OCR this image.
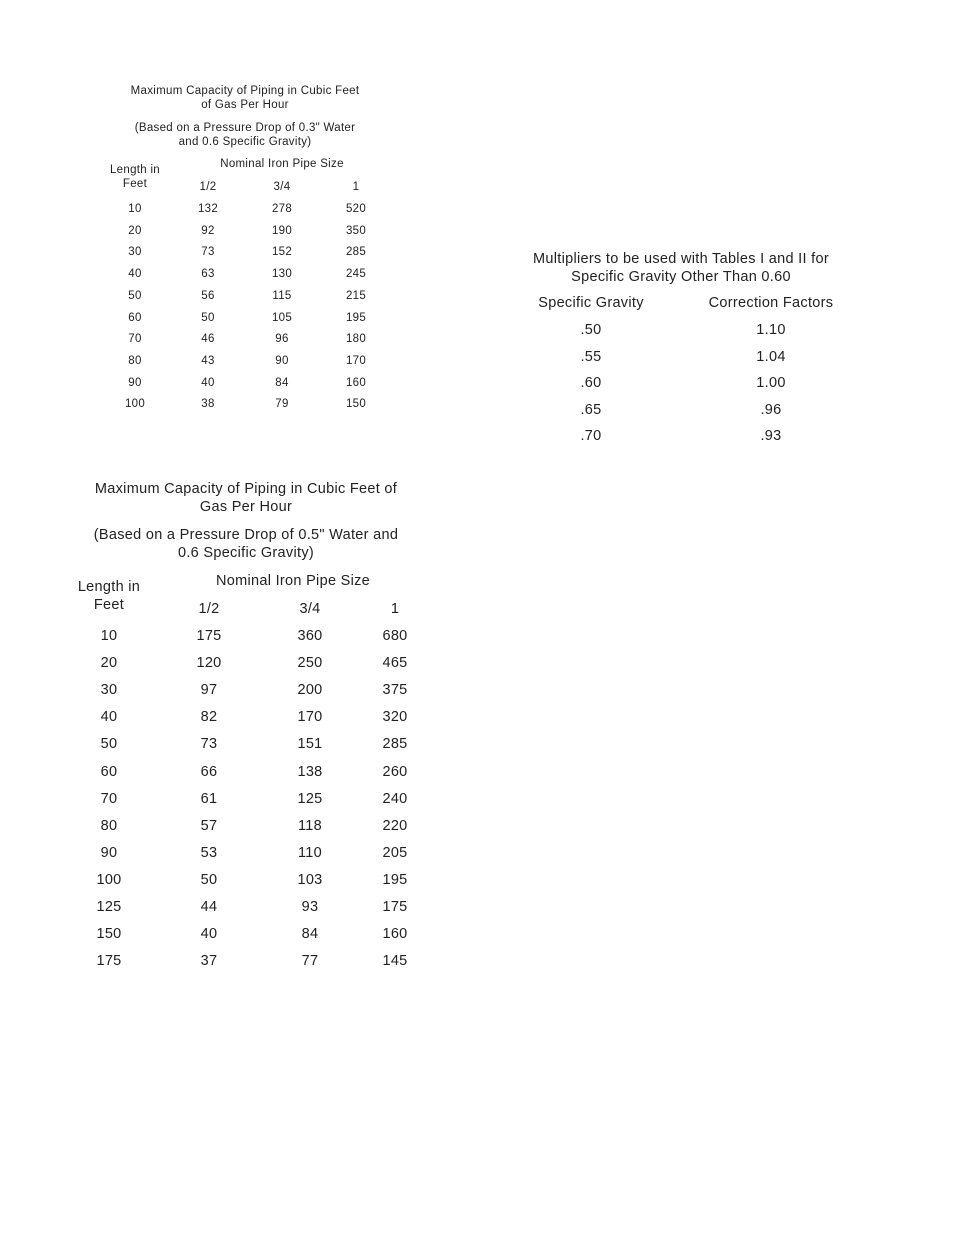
Maximum Capacity of Piping in Cubic Feet
of Gas Per Hour
(Based on a Pressure Drop of 0.3" Water
and 0.6 Specific Gravity)
Length in
Feet
Nominal Iron Pipe Size
1/2	3/4	1
10	132	278	520
20	92	190	350
30	73	152	285
40	63	130	245
50	56	115	215
60	50	105	195
70	46	96	180
80	43	90	170
90	40	84	160
100	38	79	150
Multipliers to be used with Tables I and II for
Specific Gravity Other Than 0.60
Specific Gravity	Correction Factors
.50	1.10
.55	1.04
.60	1.00
.65	.96
.70	.93
Maximum Capacity of Piping in Cubic Feet of
Gas Per Hour
(Based on a Pressure Drop of 0.5" Water and
0.6 Specific Gravity)
Length in
Feet
Nominal Iron Pipe Size
1/2	3/4	1
10	175	360	680
20	120	250	465
30	97	200	375
40	82	170	320
50	73	151	285
60	66	138	260
70	61	125	240
80	57	118	220
90	53	110	205
100	50	103	195
125	44	93	175
150	40	84	160
175	37	77	145
